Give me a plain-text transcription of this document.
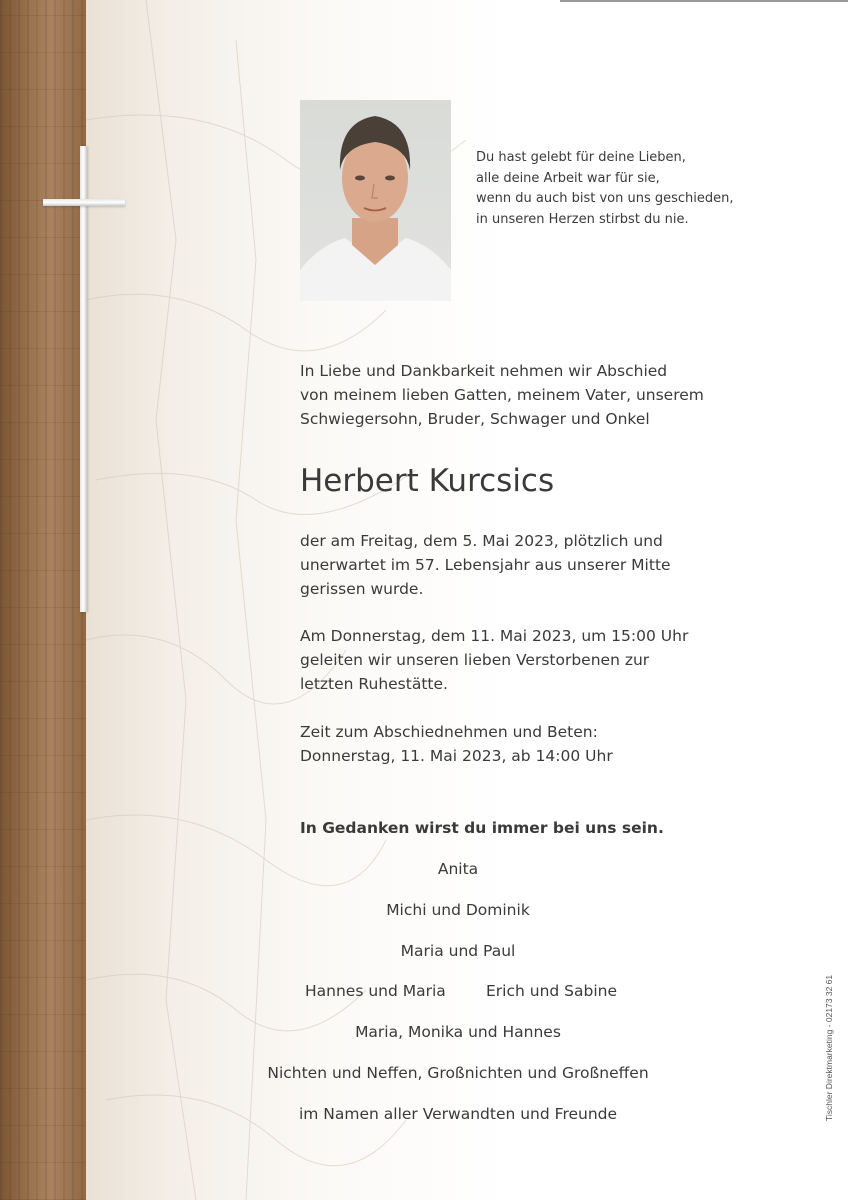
Du hast gelebt für deine Lieben,
alle deine Arbeit war für sie,
wenn du auch bist von uns geschieden,
in unseren Herzen stirbst du nie.
In Liebe und Dankbarkeit nehmen wir Abschied
von meinem lieben Gatten, meinem Vater, unserem
Schwiegersohn, Bruder, Schwager und Onkel
Herbert Kurcsics
der am Freitag, dem 5. Mai 2023, plötzlich und
unerwartet im 57. Lebensjahr aus unserer Mitte
gerissen wurde.
Am Donnerstag, dem 11. Mai 2023, um 15:00 Uhr
geleiten wir unseren lieben Verstorbenen zur
letzten Ruhestätte.
Zeit zum Abschiednehmen und Beten:
Donnerstag, 11. Mai 2023, ab 14:00 Uhr
In Gedanken wirst du immer bei uns sein.
Anita
Michi und Dominik
Maria und Paul
Hannes und Maria	Erich und Sabine
Maria, Monika und Hannes
Nichten und Neffen, Großnichten und Großneffen
im Namen aller Verwandten und Freunde	Tischler Direktmarketing - 02173 32 61
